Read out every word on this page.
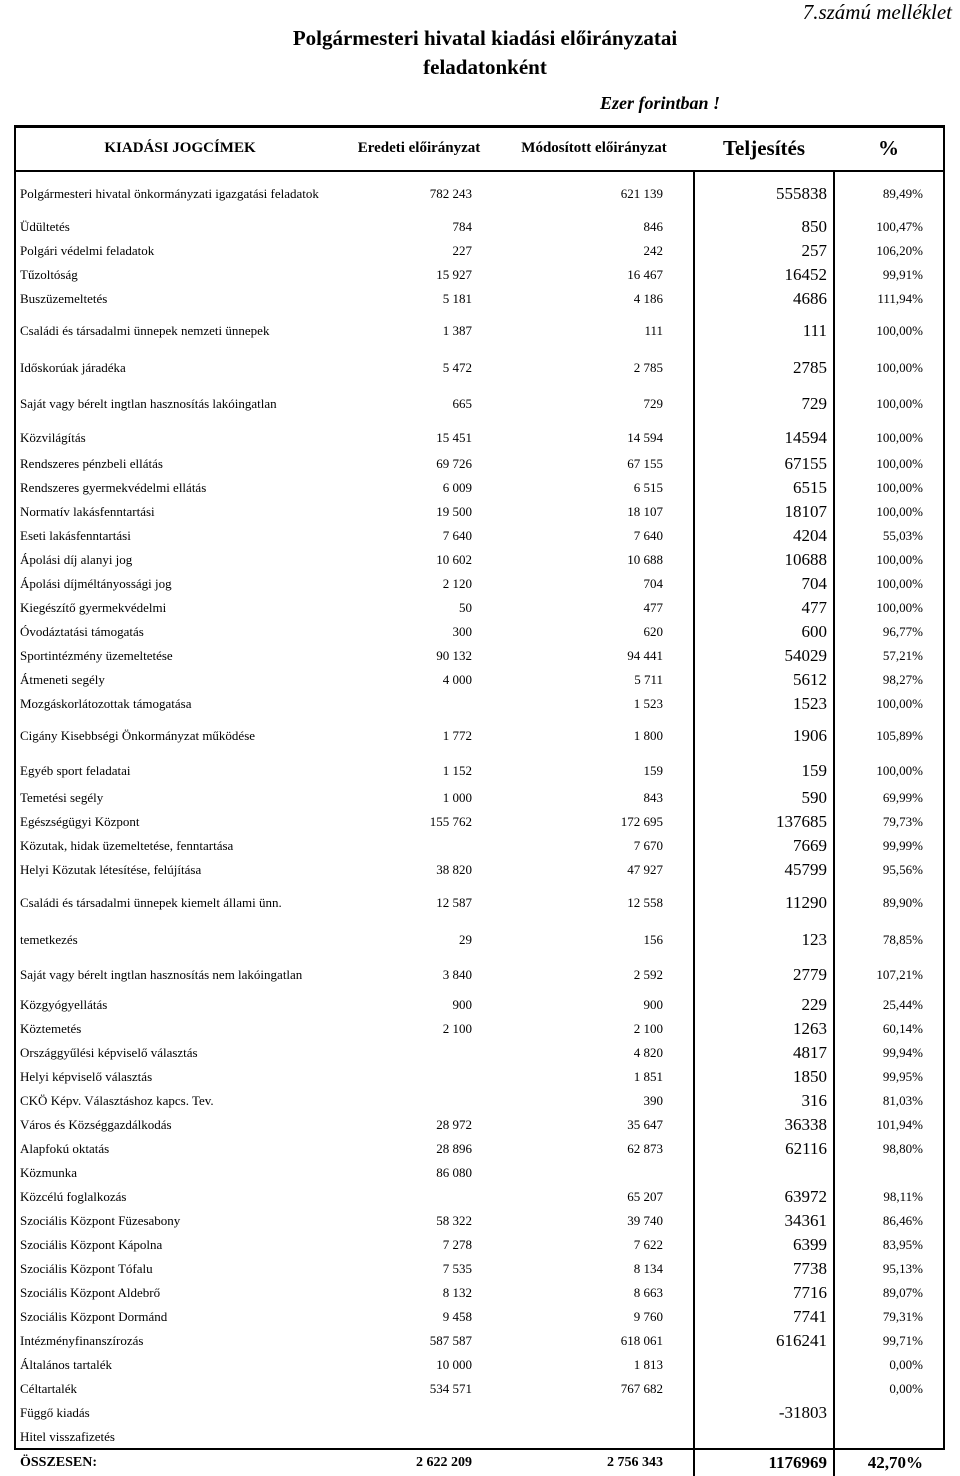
7.számú melléklet
Polgármesteri hivatal kiadási előirányzatai
feladatonként
Ezer forintban !
KIADÁSI JOGCÍMEK	Eredeti előirányzat	Módosított előirányzat	Teljesítés	%
Polgármesteri hivatal önkormányzati igazgatási feladatok	782 243	621 139	555838	89,49%
Üdültetés	784	846	850	100,47%
Polgári védelmi feladatok	227	242	257	106,20%
Tűzoltóság	15 927	16 467	16452	99,91%
Buszüzemeltetés	5 181	4 186	4686	111,94%
Családi és társadalmi ünnepek nemzeti ünnepek	1 387	111	111	100,00%
Időskorúak járadéka	5 472	2 785	2785	100,00%
Saját vagy bérelt ingtlan hasznosítás lakóingatlan	665	729	729	100,00%
Közvilágítás	15 451	14 594	14594	100,00%
Rendszeres pénzbeli ellátás	69 726	67 155	67155	100,00%
Rendszeres gyermekvédelmi ellátás	6 009	6 515	6515	100,00%
Normatív lakásfenntartási	19 500	18 107	18107	100,00%
Eseti lakásfenntartási	7 640	7 640	4204	55,03%
Ápolási díj alanyi jog	10 602	10 688	10688	100,00%
Ápolási díjméltányossági jog	2 120	704	704	100,00%
Kiegészítő gyermekvédelmi	50	477	477	100,00%
Óvodáztatási támogatás	300	620	600	96,77%
Sportintézmény üzemeltetése	90 132	94 441	54029	57,21%
Átmeneti segély	4 000	5 711	5612	98,27%
Mozgáskorlátozottak támogatása		1 523	1523	100,00%
Cigány Kisebbségi Önkormányzat működése	1 772	1 800	1906	105,89%
Egyéb sport feladatai	1 152	159	159	100,00%
Temetési segély	1 000	843	590	69,99%
Egészségügyi Központ	155 762	172 695	137685	79,73%
Közutak, hidak üzemeltetése, fenntartása		7 670	7669	99,99%
Helyi Közutak létesítése, felújítása	38 820	47 927	45799	95,56%
Családi és társadalmi ünnepek kiemelt állami ünn.	12 587	12 558	11290	89,90%
temetkezés	29	156	123	78,85%
Saját vagy bérelt ingtlan hasznosítás nem lakóingatlan	3 840	2 592	2779	107,21%
Közgyógyellátás	900	900	229	25,44%
Köztemetés	2 100	2 100	1263	60,14%
Országgyűlési képviselő választás		4 820	4817	99,94%
Helyi képviselő választás		1 851	1850	99,95%
CKÖ Képv. Választáshoz kapcs. Tev.		390	316	81,03%
Város és Községgazdálkodás	28 972	35 647	36338	101,94%
Alapfokú oktatás	28 896	62 873	62116	98,80%
Közmunka	86 080			
Közcélú foglalkozás		65 207	63972	98,11%
Szociális Központ Füzesabony	58 322	39 740	34361	86,46%
Szociális Központ Kápolna	7 278	7 622	6399	83,95%
Szociális Központ Tófalu	7 535	8 134	7738	95,13%
Szociális Központ Aldebrő	8 132	8 663	7716	89,07%
Szociális Központ Dormánd	9 458	9 760	7741	79,31%
Intézményfinanszírozás	587 587	618 061	616241	99,71%
Általános tartalék	10 000	1 813		0,00%
Céltartalék	534 571	767 682		0,00%
Függő kiadás			-31803	
Hitel visszafizetés				
ÖSSZESEN:	2 622 209	2 756 343	1176969	42,70%
